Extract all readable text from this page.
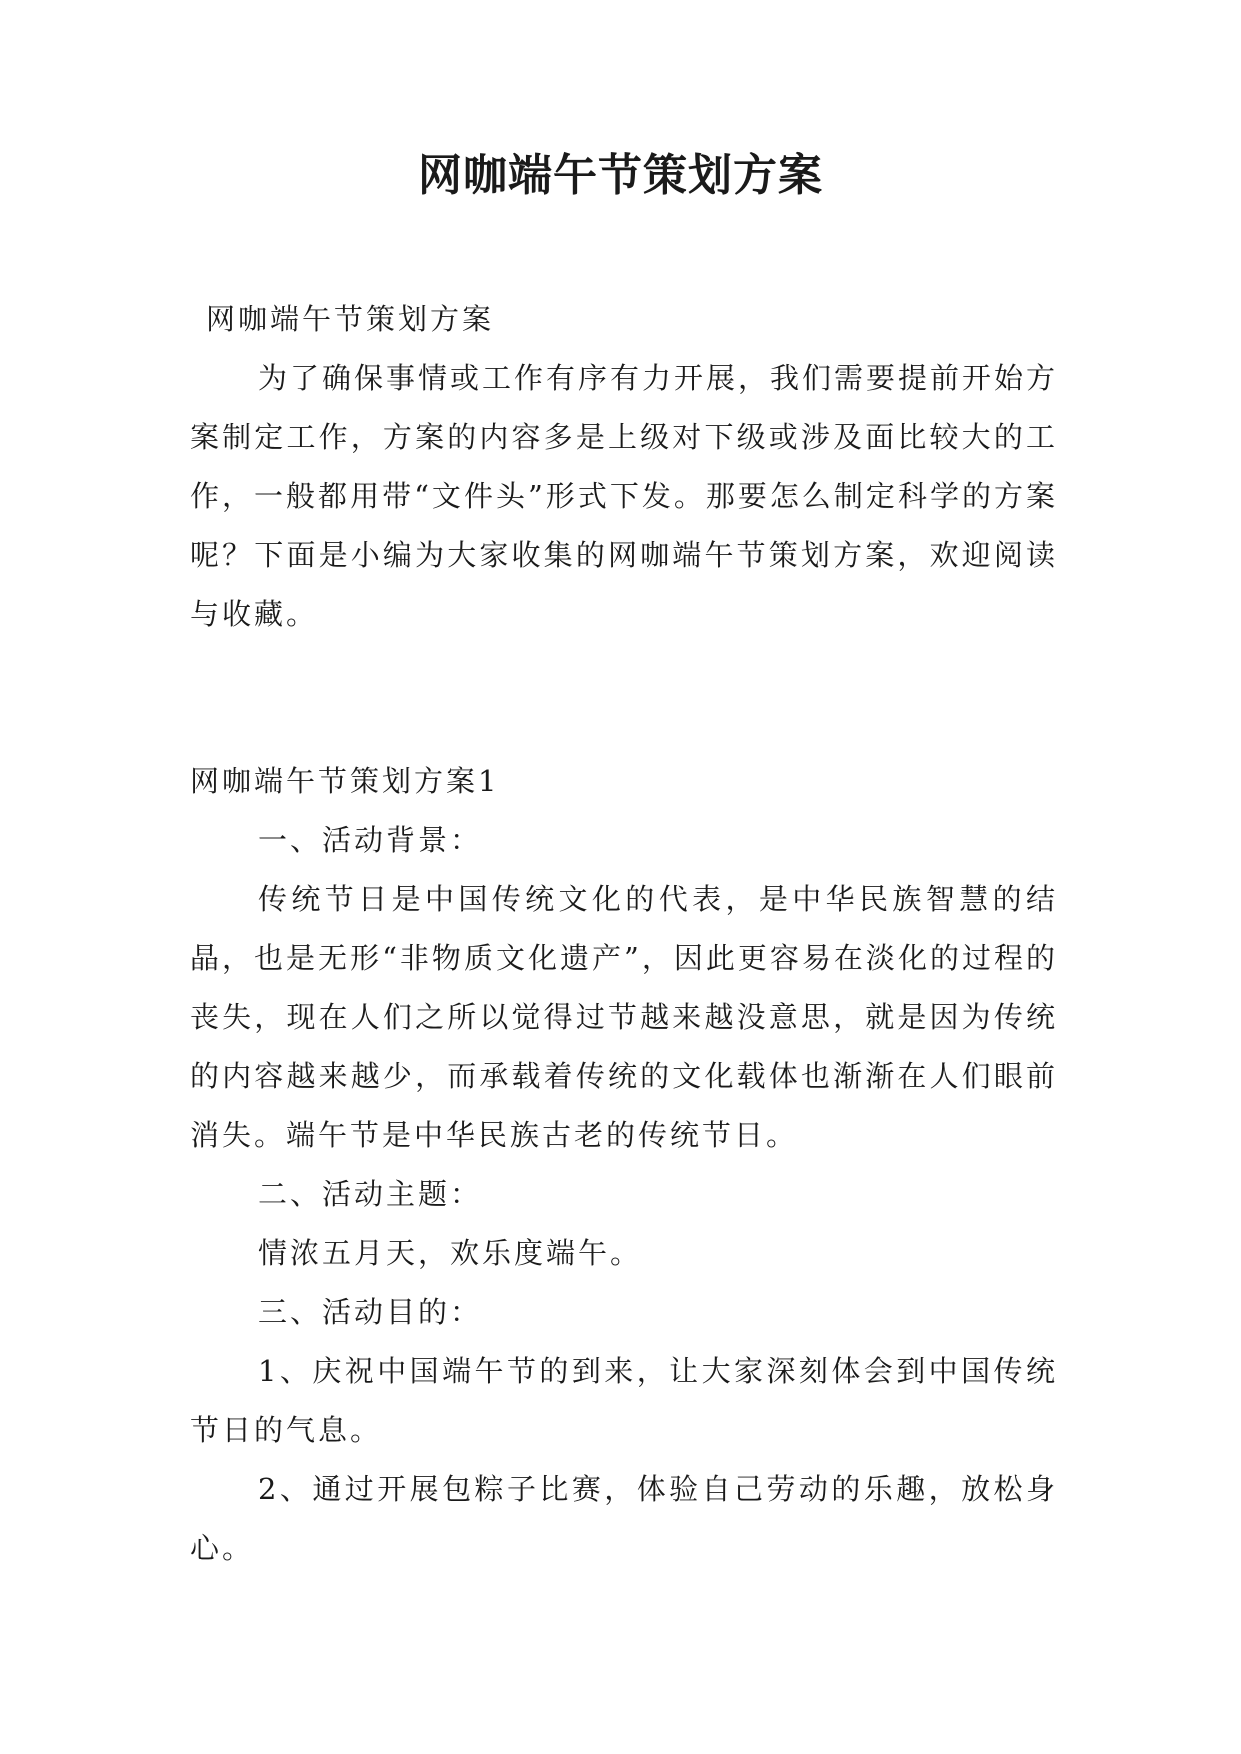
网咖端午节策划方案

网咖端午节策划方案

为了确保事情或工作有序有力开展，我们需要提前开始方案制定工作，方案的内容多是上级对下级或涉及面比较大的工作，一般都用带“文件头”形式下发。那要怎么制定科学的方案呢？下面是小编为大家收集的网咖端午节策划方案，欢迎阅读与收藏。

网咖端午节策划方案1

一、活动背景：

传统节日是中国传统文化的代表，是中华民族智慧的结晶，也是无形“非物质文化遗产”，因此更容易在淡化的过程的丧失，现在人们之所以觉得过节越来越没意思，就是因为传统的内容越来越少，而承载着传统的文化载体也渐渐在人们眼前消失。端午节是中华民族古老的传统节日。

二、活动主题：

情浓五月天，欢乐度端午。

三、活动目的：

1、庆祝中国端午节的到来，让大家深刻体会到中国传统节日的气息。

2、通过开展包粽子比赛，体验自己劳动的乐趣，放松身心。
